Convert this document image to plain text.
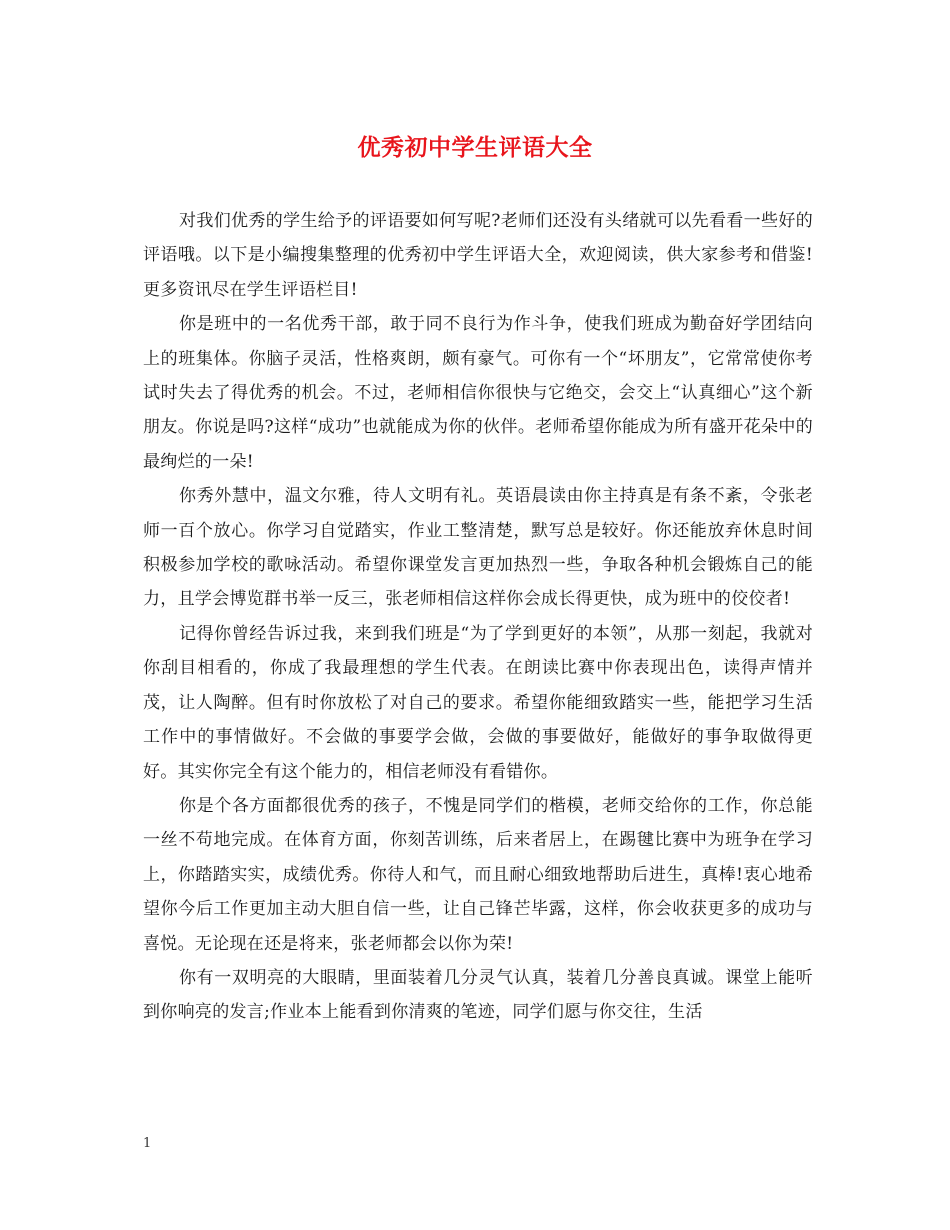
优秀初中学生评语大全

对我们优秀的学生给予的评语要如何写呢?老师们还没有头绪就可以先看看一些好的评语哦。以下是小编搜集整理的优秀初中学生评语大全，欢迎阅读，供大家参考和借鉴!更多资讯尽在学生评语栏目!

你是班中的一名优秀干部，敢于同不良行为作斗争，使我们班成为勤奋好学团结向上的班集体。你脑子灵活，性格爽朗，颇有豪气。可你有一个“坏朋友”，它常常使你考试时失去了得优秀的机会。不过，老师相信你很快与它绝交，会交上“认真细心”这个新朋友。你说是吗?这样“成功”也就能成为你的伙伴。老师希望你能成为所有盛开花朵中的最绚烂的一朵!

你秀外慧中，温文尔雅，待人文明有礼。英语晨读由你主持真是有条不紊，令张老师一百个放心。你学习自觉踏实，作业工整清楚，默写总是较好。你还能放弃休息时间积极参加学校的歌咏活动。希望你课堂发言更加热烈一些，争取各种机会锻炼自己的能力，且学会博览群书举一反三，张老师相信这样你会成长得更快，成为班中的佼佼者!

记得你曾经告诉过我，来到我们班是“为了学到更好的本领”，从那一刻起，我就对你刮目相看的，你成了我最理想的学生代表。在朗读比赛中你表现出色，读得声情并茂，让人陶醉。但有时你放松了对自己的要求。希望你能细致踏实一些，能把学习生活工作中的事情做好。不会做的事要学会做，会做的事要做好，能做好的事争取做得更好。其实你完全有这个能力的，相信老师没有看错你。

你是个各方面都很优秀的孩子，不愧是同学们的楷模，老师交给你的工作，你总能一丝不苟地完成。在体育方面，你刻苦训练，后来者居上，在踢毽比赛中为班争在学习上，你踏踏实实，成绩优秀。你待人和气，而且耐心细致地帮助后进生，真棒!衷心地希望你今后工作更加主动大胆自信一些，让自己锋芒毕露，这样，你会收获更多的成功与喜悦。无论现在还是将来，张老师都会以你为荣!

你有一双明亮的大眼睛，里面装着几分灵气认真，装着几分善良真诚。课堂上能听到你响亮的发言;作业本上能看到你清爽的笔迹，同学们愿与你交往，生活

1
